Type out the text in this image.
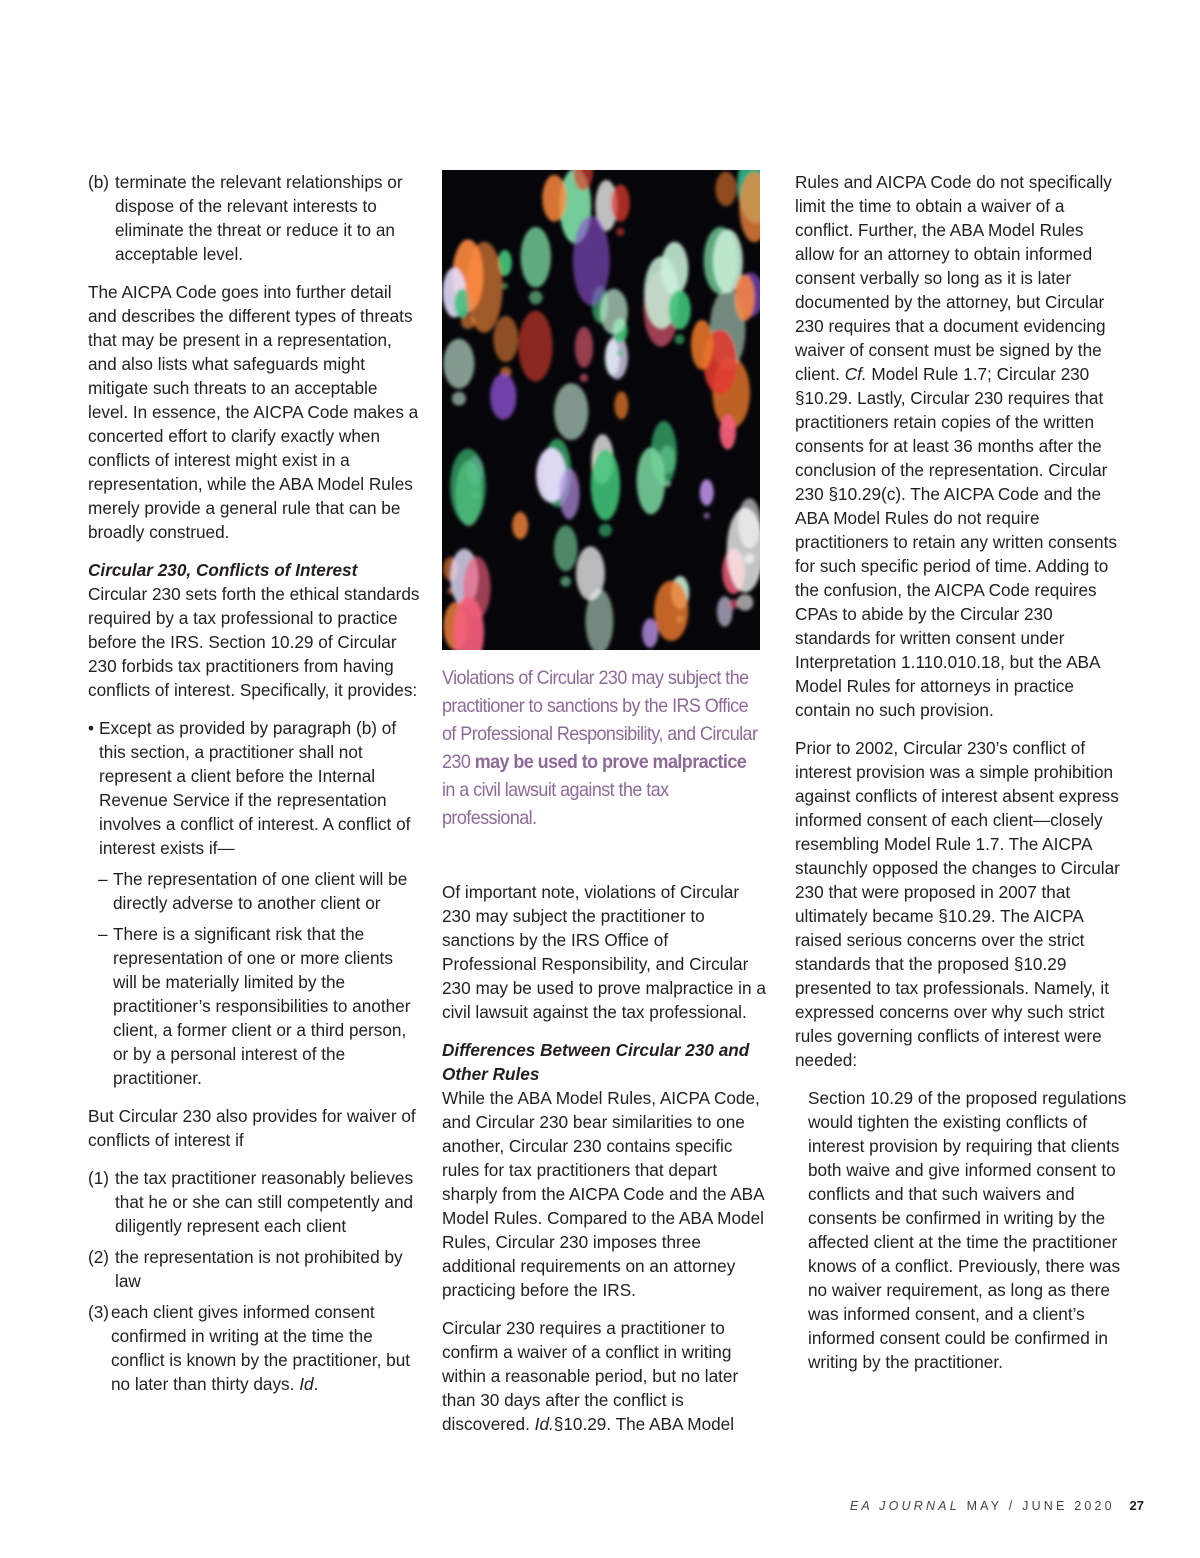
(b) terminate the relevant relationships or dispose of the relevant interests to eliminate the threat or reduce it to an acceptable level.

The AICPA Code goes into further detail and describes the different types of threats that may be present in a representation, and also lists what safeguards might mitigate such threats to an acceptable level. In essence, the AICPA Code makes a concerted effort to clarify exactly when conflicts of interest might exist in a representation, while the ABA Model Rules merely provide a general rule that can be broadly construed.

Circular 230, Conflicts of Interest
Circular 230 sets forth the ethical standards required by a tax professional to practice before the IRS. Section 10.29 of Circular 230 forbids tax practitioners from having conflicts of interest. Specifically, it provides:
• Except as provided by paragraph (b) of this section, a practitioner shall not represent a client before the Internal Revenue Service if the representation involves a conflict of interest. A conflict of interest exists if—
– The representation of one client will be directly adverse to another client or
– There is a significant risk that the representation of one or more clients will be materially limited by the practitioner’s responsibilities to another client, a former client or a third person, or by a personal interest of the practitioner.

But Circular 230 also provides for waiver of conflicts of interest if

(1) the tax practitioner reasonably believes that he or she can still competently and diligently represent each client
(2) the representation is not prohibited by law
(3) each client gives informed consent confirmed in writing at the time the conflict is known by the practitioner, but no later than thirty days. Id.
Violations of Circular 230 may subject the practitioner to sanctions by the IRS Office of Professional Responsibility, and Circular 230 may be used to prove malpractice in a civil lawsuit against the tax professional.

Of important note, violations of Circular 230 may subject the practitioner to sanctions by the IRS Office of Professional Responsibility, and Circular 230 may be used to prove malpractice in a civil lawsuit against the tax professional.

Differences Between Circular 230 and Other Rules
While the ABA Model Rules, AICPA Code, and Circular 230 bear similarities to one another, Circular 230 contains specific rules for tax practitioners that depart sharply from the AICPA Code and the ABA Model Rules. Compared to the ABA Model Rules, Circular 230 imposes three additional requirements on an attorney practicing before the IRS.

Circular 230 requires a practitioner to confirm a waiver of a conflict in writing within a reasonable period, but no later than 30 days after the conflict is discovered. Id.§10.29. The ABA Model

Rules and AICPA Code do not specifically limit the time to obtain a waiver of a conflict. Further, the ABA Model Rules allow for an attorney to obtain informed consent verbally so long as it is later documented by the attorney, but Circular 230 requires that a document evidencing waiver of consent must be signed by the client. Cf. Model Rule 1.7; Circular 230 §10.29. Lastly, Circular 230 requires that practitioners retain copies of the written consents for at least 36 months after the conclusion of the representation. Circular 230 §10.29(c). The AICPA Code and the ABA Model Rules do not require practitioners to retain any written consents for such specific period of time. Adding to the confusion, the AICPA Code requires CPAs to abide by the Circular 230 standards for written consent under Interpretation 1.110.010.18, but the ABA Model Rules for attorneys in practice contain no such provision.

Prior to 2002, Circular 230’s conflict of interest provision was a simple prohibition against conflicts of interest absent express informed consent of each client—closely resembling Model Rule 1.7. The AICPA staunchly opposed the changes to Circular 230 that were proposed in 2007 that ultimately became §10.29. The AICPA raised serious concerns over the strict standards that the proposed §10.29 presented to tax professionals. Namely, it expressed concerns over why such strict rules governing conflicts of interest were needed:

Section 10.29 of the proposed regulations would tighten the existing conflicts of interest provision by requiring that clients both waive and give informed consent to conflicts and that such waivers and consents be confirmed in writing by the affected client at the time the practitioner knows of a conflict. Previously, there was no waiver requirement, as long as there was informed consent, and a client’s informed consent could be confirmed in writing by the practitioner.

EA JOURNAL MAY / JUNE 2020 27
